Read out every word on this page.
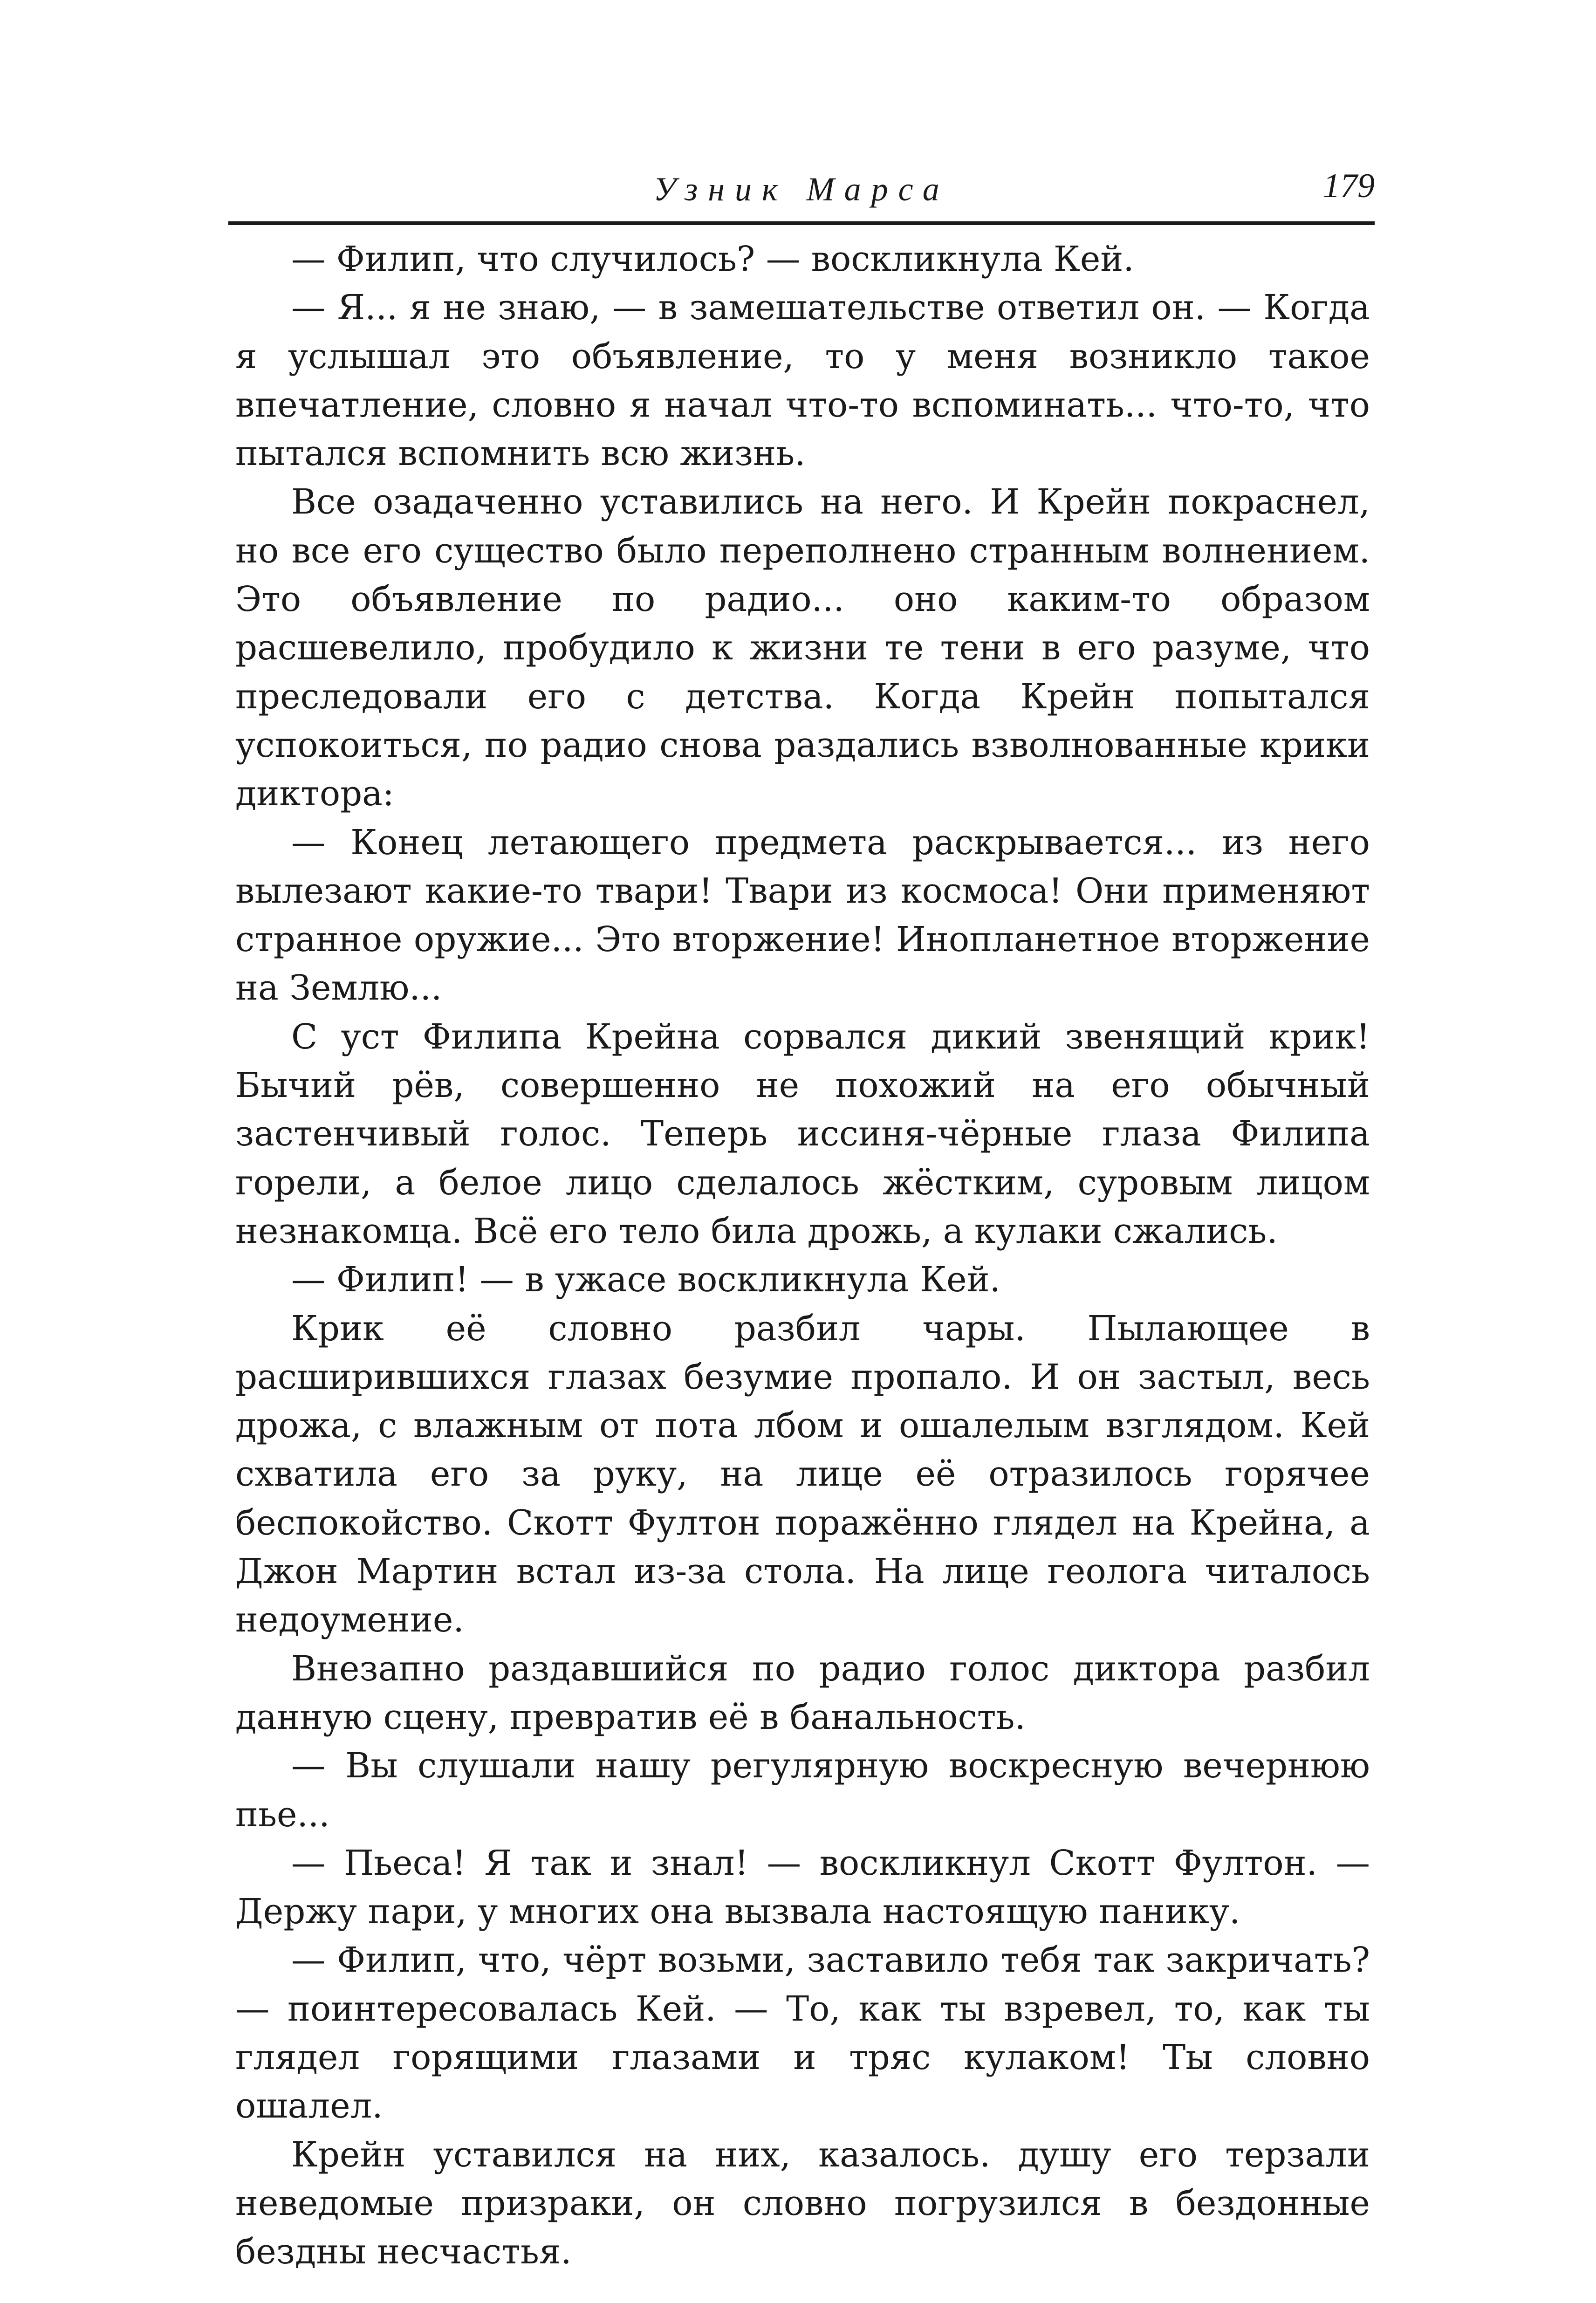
Узник Марса	179

— Филип, что случилось? — воскликнула Кей.

— Я... я не знаю, — в замешательстве ответил он. — Когда я услышал это объявление, то у меня возникло такое впечатление, словно я начал что-то вспоминать... что-то, что пытался вспомнить всю жизнь.

Все озадаченно уставились на него. И Крейн покраснел, но все его существо было переполнено странным волнением. Это объявление по радио... оно каким-то образом расшевелило, пробудило к жизни те тени в его разуме, что преследовали его с детства. Когда Крейн попытался успокоиться, по радио снова раздались взволнованные крики диктора:

— Конец летающего предмета раскрывается... из него вылезают какие-то твари! Твари из космоса! Они применяют странное оружие... Это вторжение! Инопланетное вторжение на Землю...

С уст Филипа Крейна сорвался дикий звенящий крик! Бычий рёв, совершенно не похожий на его обычный застенчивый голос. Теперь иссиня-чёрные глаза Филипа горели, а белое лицо сделалось жёстким, суровым лицом незнакомца. Всё его тело била дрожь, а кулаки сжались.

— Филип! — в ужасе воскликнула Кей.

Крик её словно разбил чары. Пылающее в расширившихся глазах безумие пропало. И он застыл, весь дрожа, с влажным от пота лбом и ошалелым взглядом. Кей схватила его за руку, на лице её отразилось горячее беспокойство. Скотт Фултон поражённо глядел на Крейна, а Джон Мартин встал из-за стола. На лице геолога читалось недоумение.

Внезапно раздавшийся по радио голос диктора разбил данную сцену, превратив её в банальность.

— Вы слушали нашу регулярную воскресную вечернюю пье...

— Пьеса! Я так и знал! — воскликнул Скотт Фултон. — Держу пари, у многих она вызвала настоящую панику.

— Филип, что, чёрт возьми, заставило тебя так закричать? — поинтересовалась Кей. — То, как ты взревел, то, как ты глядел горящими глазами и тряс кулаком! Ты словно ошалел.

Крейн уставился на них, казалось. душу его терзали неведомые призраки, он словно погрузился в бездонные бездны несчастья.
